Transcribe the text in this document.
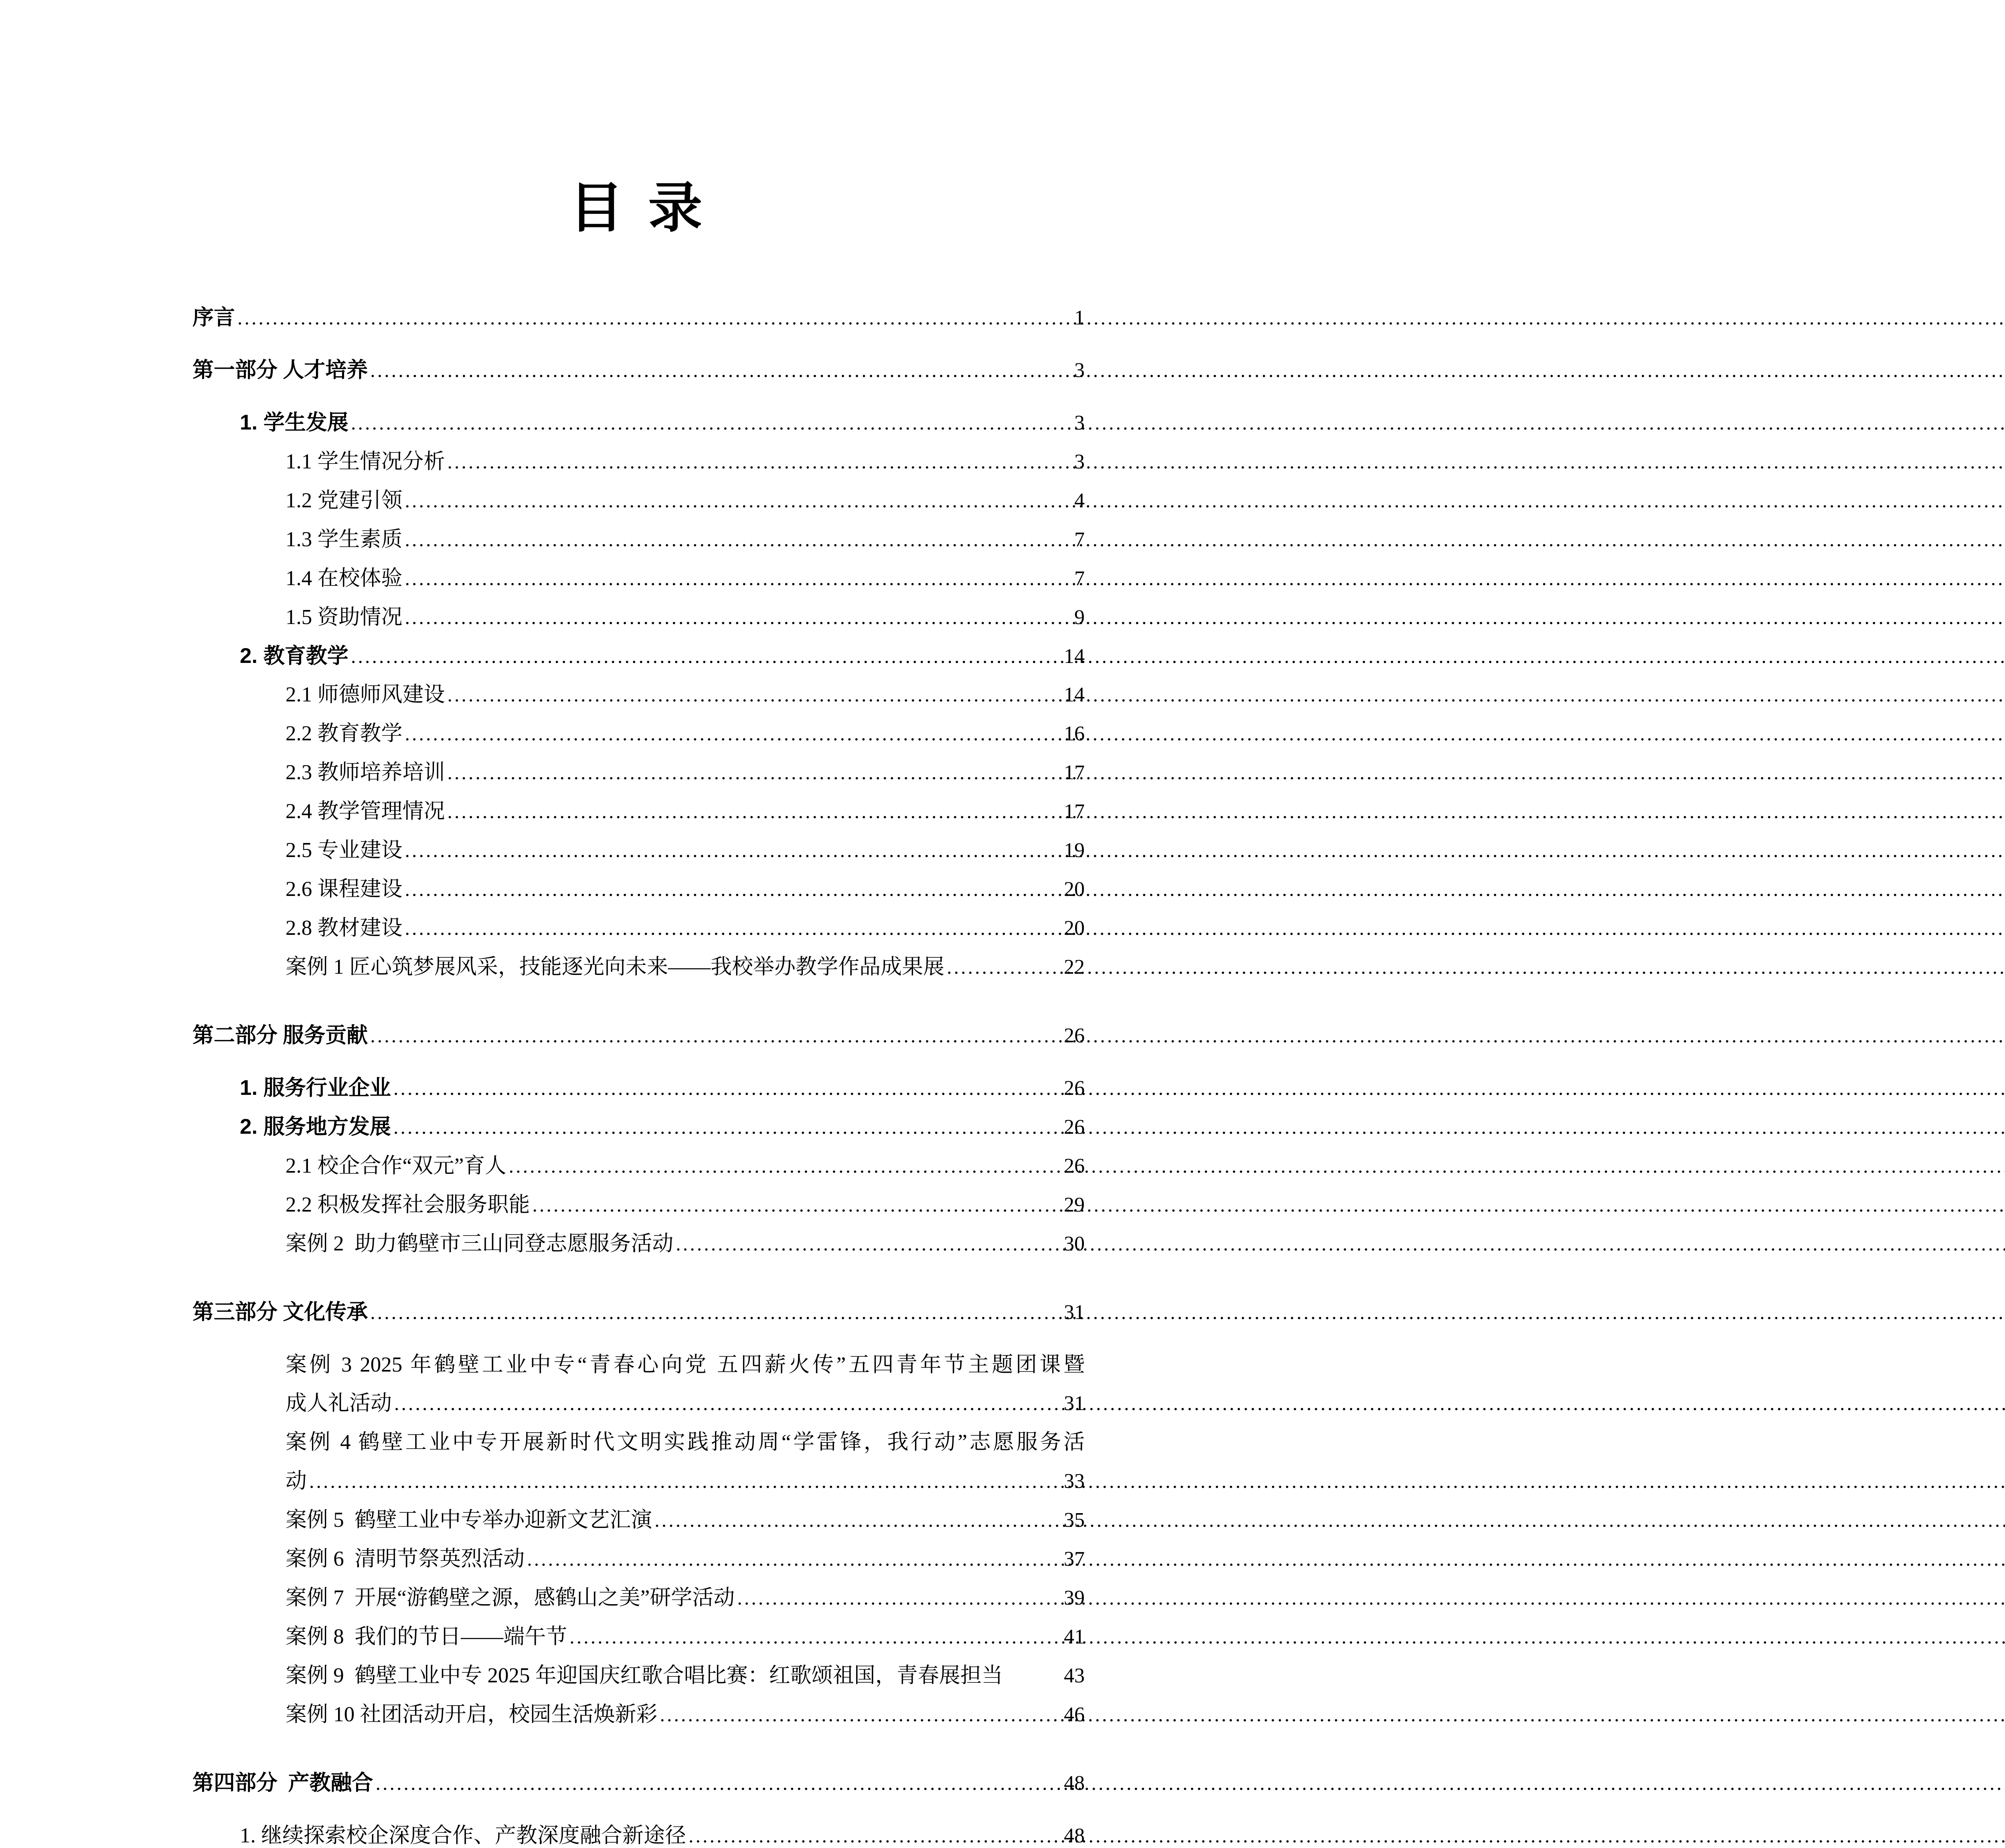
目 录
序言 .....	1
第一部分 人才培养 .....	3
1. 学生发展 .....	3
1.1 学生情况分析 .....	3
1.2 党建引领 .....	4
1.3 学生素质 .....	7
1.4 在校体验 .....	7
1.5 资助情况 .....	9
2. 教育教学 .....	14
2.1 师德师风建设 .....	14
2.2 教育教学 .....	16
2.3 教师培养培训 .....	17
2.4 教学管理情况 .....	17
2.5 专业建设 .....	19
2.6 课程建设 .....	20
2.8 教材建设 .....	20
案例 1 匠心筑梦展风采，技能逐光向未来——我校举办教学作品成果展 .....	22
第二部分 服务贡献 .....	26
1. 服务行业企业 .....	26
2. 服务地方发展 .....	26
2.1 校企合作“双元”育人 .....	26
2.2 积极发挥社会服务职能 .....	29
案例 2  助力鹤壁市三山同登志愿服务活动 .....	30
第三部分 文化传承 .....	31
案例 3 2025 年鹤壁工业中专“青春心向党 五四薪火传”五四青年节主题团课暨
成人礼活动 .....	31
案例 4 鹤壁工业中专开展新时代文明实践推动周“学雷锋，我行动”志愿服务活
动 .....	33
案例 5  鹤壁工业中专举办迎新文艺汇演 .....	35
案例 6  清明节祭英烈活动 .....	37
案例 7  开展“游鹤壁之源，感鹤山之美”研学活动 .....	39
案例 8  我们的节日——端午节 .....	41
案例 9  鹤壁工业中专 2025 年迎国庆红歌合唱比赛：红歌颂祖国，青春展担当	43
案例 10 社团活动开启，校园生活焕新彩 .....	46
第四部分  产教融合 .....	48
1. 继续探索校企深度合作、产教深度融合新途径 .....	48
